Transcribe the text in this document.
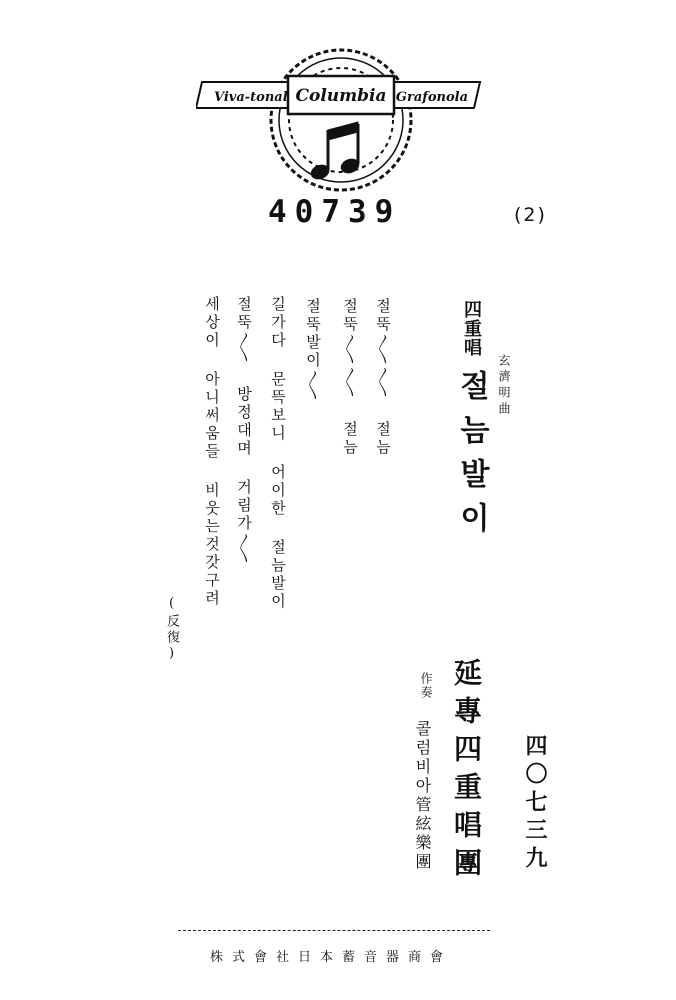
Viva-tonal Columbia Grafonola
40739	(2)
四重唱
절늠발이 玄濟明曲
절뚝〳〵〳〵 절늠
절뚝〳〵〳〵 절늠
절뚝발이〳〵
길가다 문뜩보니 어이한 절늠발이
절뚝〳〵 방정대며 거림가〳〵
세상이 아니써움들 비웃는것갓구려
(反復)
延專四重唱團
作奏
콜럼비아管絃樂團	四〇七三九
株式會社日本蓄音器商會
